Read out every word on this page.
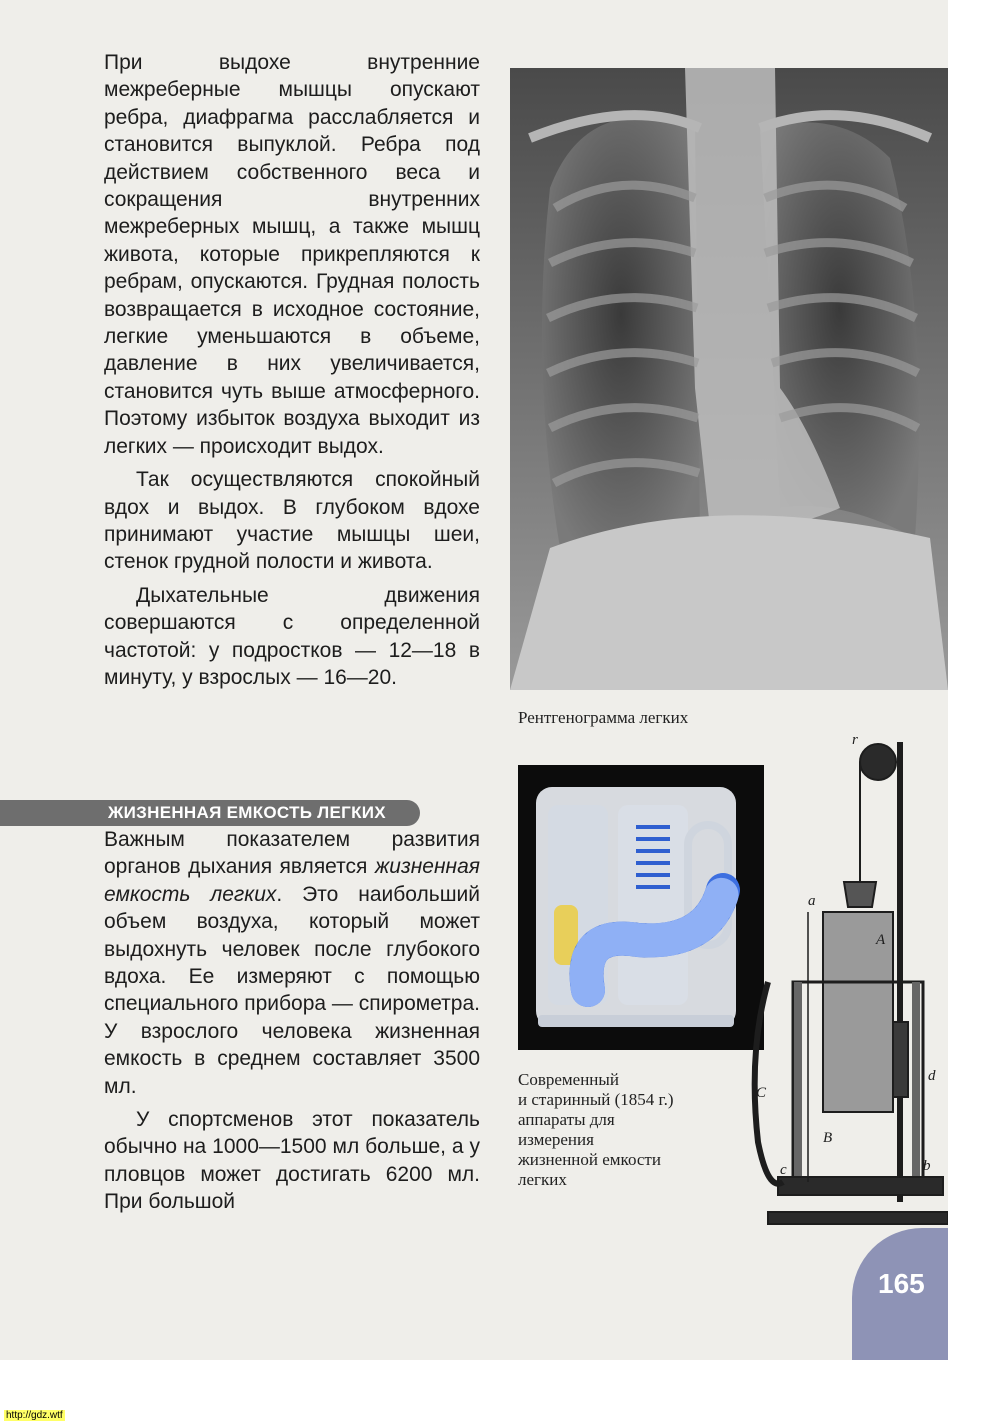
При выдохе внутренние межреберные мышцы опускают ребра, диафрагма расслабляется и становится выпуклой. Ребра под действием собственного веса и сокращения внутренних межреберных мышц, а также мышц живота, которые прикрепляются к ребрам, опускаются. Грудная полость возвращается в исходное состояние, легкие уменьшаются в объеме, давление в них увеличивается, становится чуть выше атмосферного. Поэтому избыток воздуха выходит из легких — происходит выдох.

Так осуществляются спокойный вдох и выдох. В глубоком вдохе принимают участие мышцы шеи, стенок грудной полости и живота.

Дыхательные движения совершаются с определенной частотой: у подростков — 12—18 в минуту, у взрослых — 16—20.

ЖИЗНЕННАЯ ЕМКОСТЬ ЛЕГКИХ

Важным показателем развития органов дыхания является жизненная емкость легких. Это наибольший объем воздуха, который может выдохнуть человек после глубокого вдоха. Ее измеряют с помощью специального прибора — спирометра. У взрослого человека жизненная емкость в среднем составляет 3500 мл.

У спортсменов этот показатель обычно на 1000—1500 мл больше, а у пловцов может достигать 6200 мл. При большой

Рентгенограмма легких
r
a
A
d
C
B
b
c
Современный
и старинный (1854 г.)
аппараты для
измерения
жизненной емкости
легких
165
http://gdz.wtf
